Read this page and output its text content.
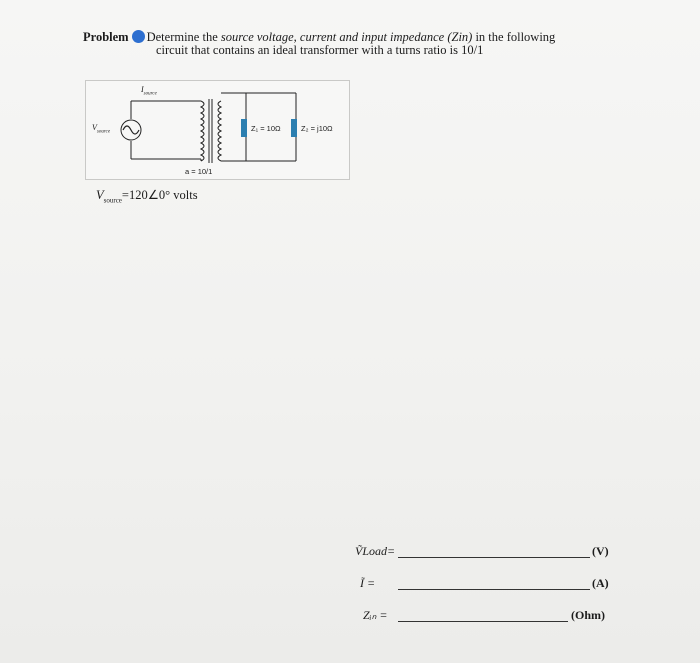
Problem Determine the source voltage, current and input impedance (Zin) in the following
circuit that contains an ideal transformer with a turns ratio is 10/1
$I_{source}$
$V_{source}$
a = 10/1
Z₁ = 10Ω	Z₂ = j10Ω
$V_{source}=120\angle 0^\circ$ volts
ṼLoad=	(V)
Ĩ =	(A)
Zᵢₙ =	(Ohm)
